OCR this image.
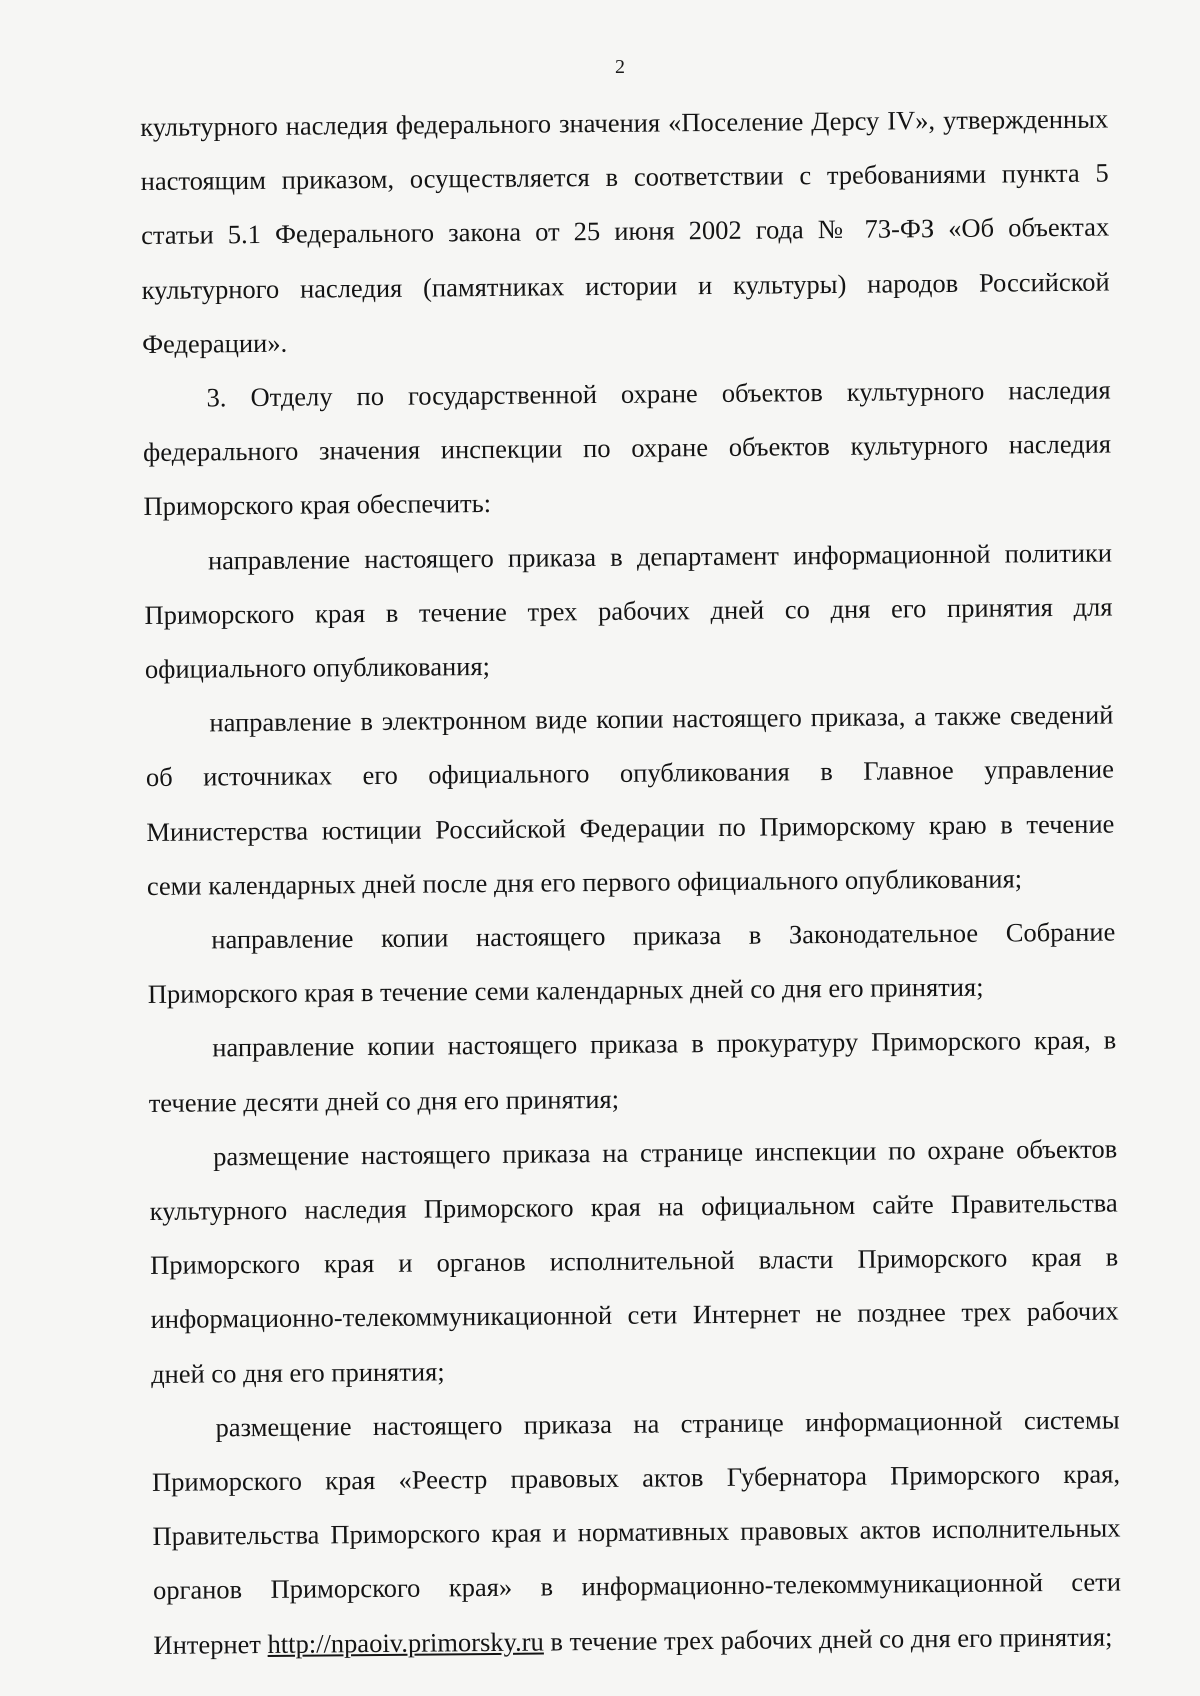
2

культурного наследия федерального значения «Поселение Дерсу IV», утвержденных настоящим приказом, осуществляется в соответствии с требованиями пункта 5 статьи 5.1 Федерального закона от 25 июня 2002 года № 73-ФЗ «Об объектах культурного наследия (памятниках истории и культуры) народов Российской Федерации».

3. Отделу по государственной охране объектов культурного наследия федерального значения инспекции по охране объектов культурного наследия Приморского края обеспечить:

направление настоящего приказа в департамент информационной политики Приморского края в течение трех рабочих дней со дня его принятия для официального опубликования;

направление в электронном виде копии настоящего приказа, а также сведений об источниках его официального опубликования в Главное управление Министерства юстиции Российской Федерации по Приморскому краю в течение семи календарных дней после дня его первого официального опубликования;

направление копии настоящего приказа в Законодательное Собрание Приморского края в течение семи календарных дней со дня его принятия;

направление копии настоящего приказа в прокуратуру Приморского края, в течение десяти дней со дня его принятия;

размещение настоящего приказа на странице инспекции по охране объектов культурного наследия Приморского края на официальном сайте Правительства Приморского края и органов исполнительной власти Приморского края в информационно-телекоммуникационной сети Интернет не позднее трех рабочих дней со дня его принятия;

размещение настоящего приказа на странице информационной системы Приморского края «Реестр правовых актов Губернатора Приморского края, Правительства Приморского края и нормативных правовых актов исполнительных органов Приморского края» в информационно-телекоммуникационной сети Интернет http://npaoiv.primorsky.ru в течение трех рабочих дней со дня его принятия;
